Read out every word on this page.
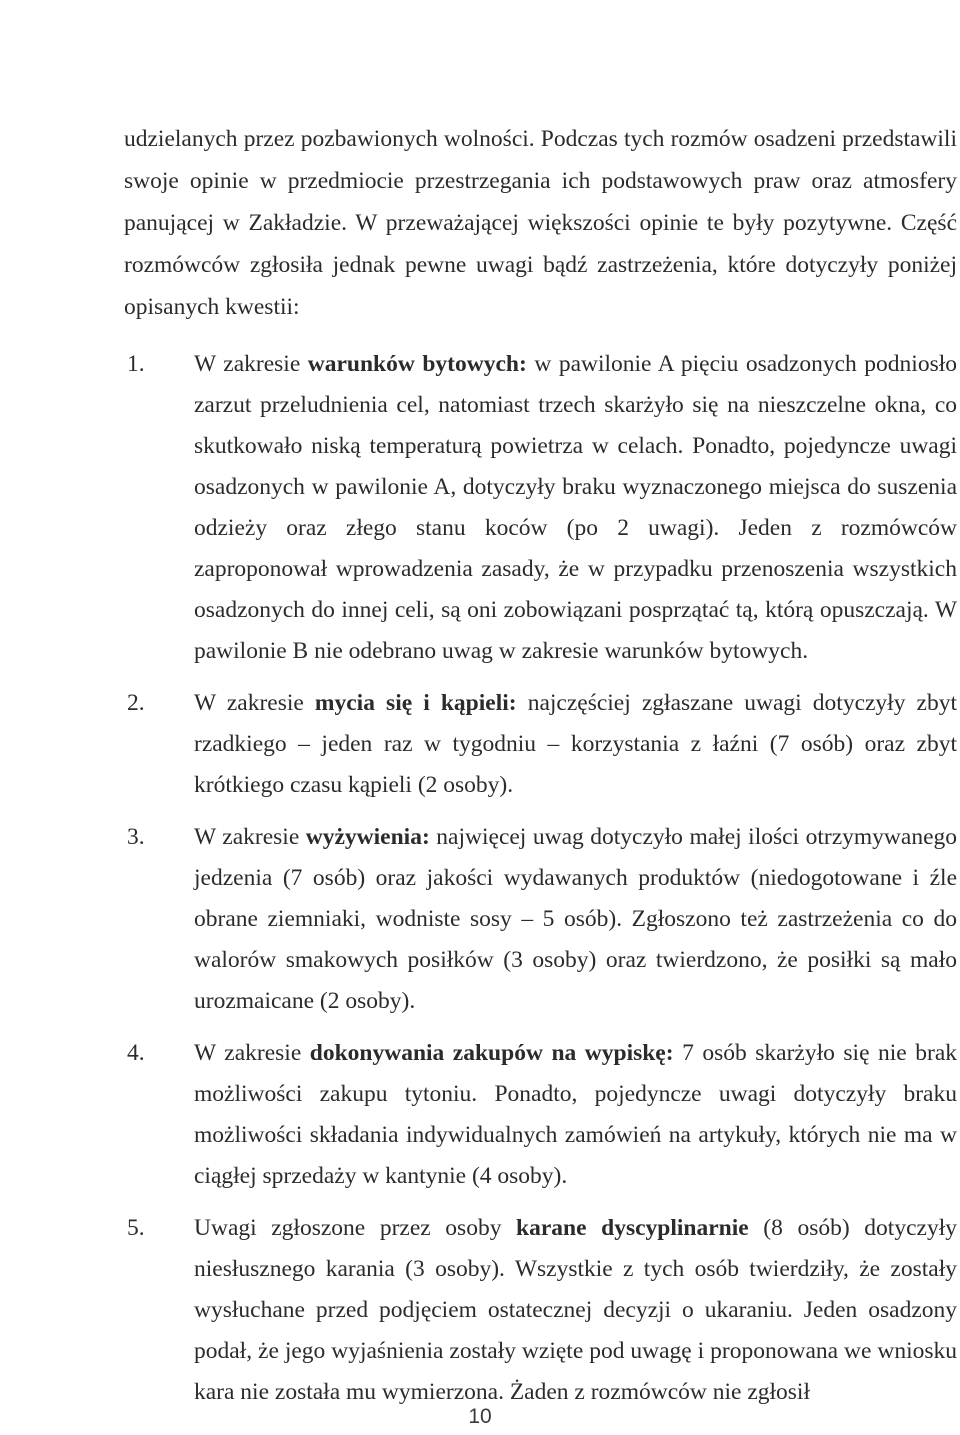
udzielanych przez pozbawionych wolności. Podczas tych rozmów osadzeni przedstawili swoje opinie w przedmiocie przestrzegania ich podstawowych praw oraz atmosfery panującej w Zakładzie. W przeważającej większości opinie te były pozytywne. Część rozmówców zgłosiła jednak pewne uwagi bądź zastrzeżenia, które dotyczyły poniżej opisanych kwestii:

1. W zakresie warunków bytowych: w pawilonie A pięciu osadzonych podniosło zarzut przeludnienia cel, natomiast trzech skarżyło się na nieszczelne okna, co skutkowało niską temperaturą powietrza w celach. Ponadto, pojedyncze uwagi osadzonych w pawilonie A, dotyczyły braku wyznaczonego miejsca do suszenia odzieży oraz złego stanu koców (po 2 uwagi). Jeden z rozmówców zaproponował wprowadzenia zasady, że w przypadku przenoszenia wszystkich osadzonych do innej celi, są oni zobowiązani posprzątać tą, którą opuszczają. W pawilonie B nie odebrano uwag w zakresie warunków bytowych.
2. W zakresie mycia się i kąpieli: najczęściej zgłaszane uwagi dotyczyły zbyt rzadkiego – jeden raz w tygodniu – korzystania z łaźni (7 osób) oraz zbyt krótkiego czasu kąpieli (2 osoby).
3. W zakresie wyżywienia: najwięcej uwag dotyczyło małej ilości otrzymywanego jedzenia (7 osób) oraz jakości wydawanych produktów (niedogotowane i źle obrane ziemniaki, wodniste sosy – 5 osób). Zgłoszono też zastrzeżenia co do walorów smakowych posiłków (3 osoby) oraz twierdzono, że posiłki są mało urozmaicane (2 osoby).
4. W zakresie dokonywania zakupów na wypiskę: 7 osób skarżyło się nie brak możliwości zakupu tytoniu. Ponadto, pojedyncze uwagi dotyczyły braku możliwości składania indywidualnych zamówień na artykuły, których nie ma w ciągłej sprzedaży w kantynie (4 osoby).
5. Uwagi zgłoszone przez osoby karane dyscyplinarnie (8 osób) dotyczyły niesłusznego karania (3 osoby). Wszystkie z tych osób twierdziły, że zostały wysłuchane przed podjęciem ostatecznej decyzji o ukaraniu. Jeden osadzony podał, że jego wyjaśnienia zostały wzięte pod uwagę i proponowana we wniosku kara nie została mu wymierzona. Żaden z rozmówców nie zgłosił

10
